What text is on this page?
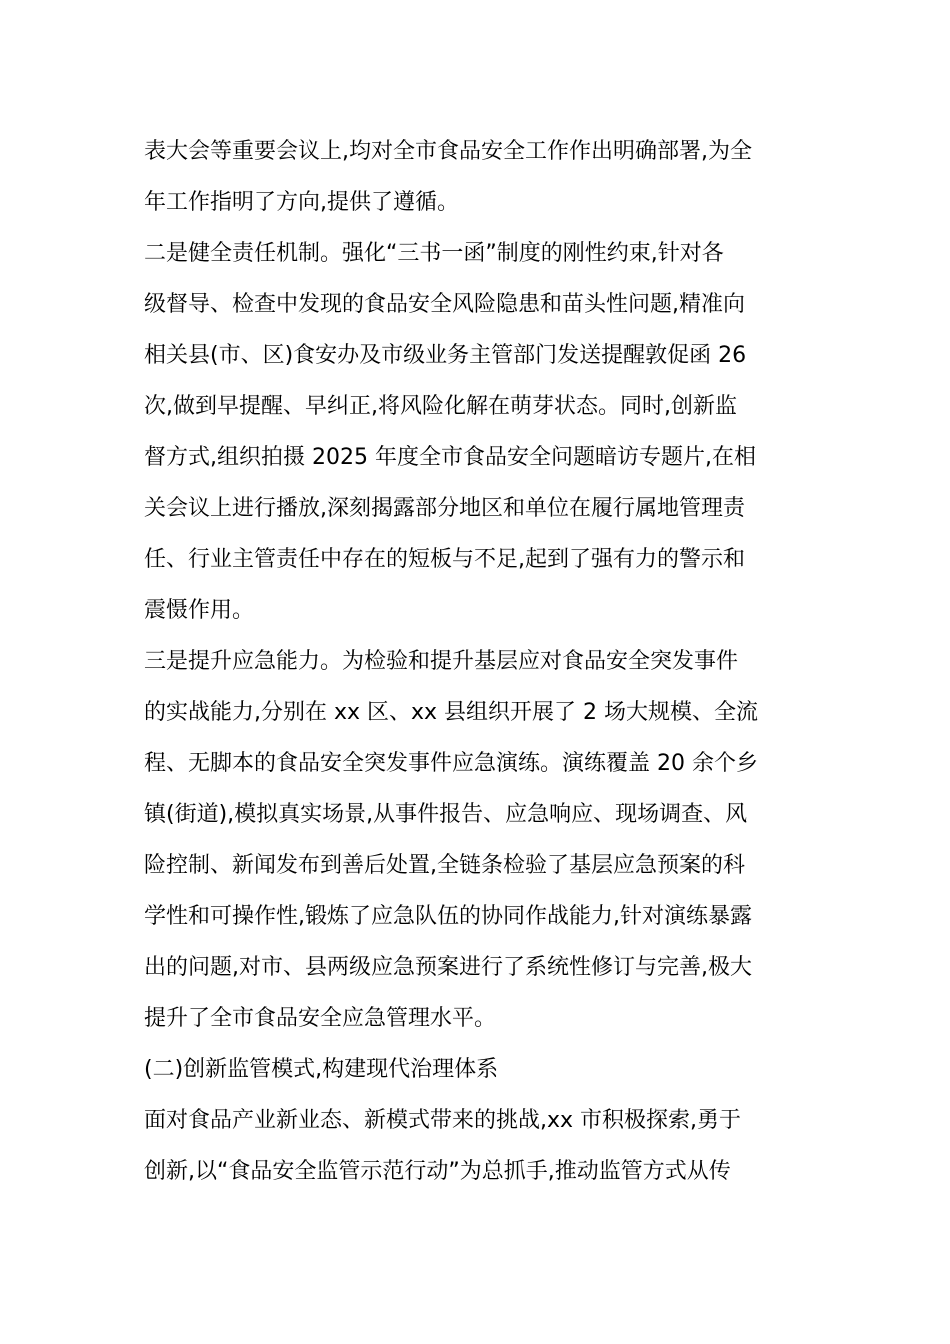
表大会等重要会议上,均对全市食品安全工作作出明确部署,为全
年工作指明了方向,提供了遵循。

二是健全责任机制。强化“三书一函”制度的刚性约束,针对各
级督导、检查中发现的食品安全风险隐患和苗头性问题,精准向
相关县(市、区)食安办及市级业务主管部门发送提醒敦促函 26
次,做到早提醒、早纠正,将风险化解在萌芽状态。同时,创新监
督方式,组织拍摄 2025 年度全市食品安全问题暗访专题片,在相
关会议上进行播放,深刻揭露部分地区和单位在履行属地管理责
任、行业主管责任中存在的短板与不足,起到了强有力的警示和
震慑作用。

三是提升应急能力。为检验和提升基层应对食品安全突发事件
的实战能力,分别在 xx 区、xx 县组织开展了 2 场大规模、全流
程、无脚本的食品安全突发事件应急演练。演练覆盖 20 余个乡
镇(街道),模拟真实场景,从事件报告、应急响应、现场调查、风
险控制、新闻发布到善后处置,全链条检验了基层应急预案的科
学性和可操作性,锻炼了应急队伍的协同作战能力,针对演练暴露
出的问题,对市、县两级应急预案进行了系统性修订与完善,极大
提升了全市食品安全应急管理水平。

(二)创新监管模式,构建现代治理体系

面对食品产业新业态、新模式带来的挑战,xx 市积极探索,勇于
创新,以“食品安全监管示范行动”为总抓手,推动监管方式从传
